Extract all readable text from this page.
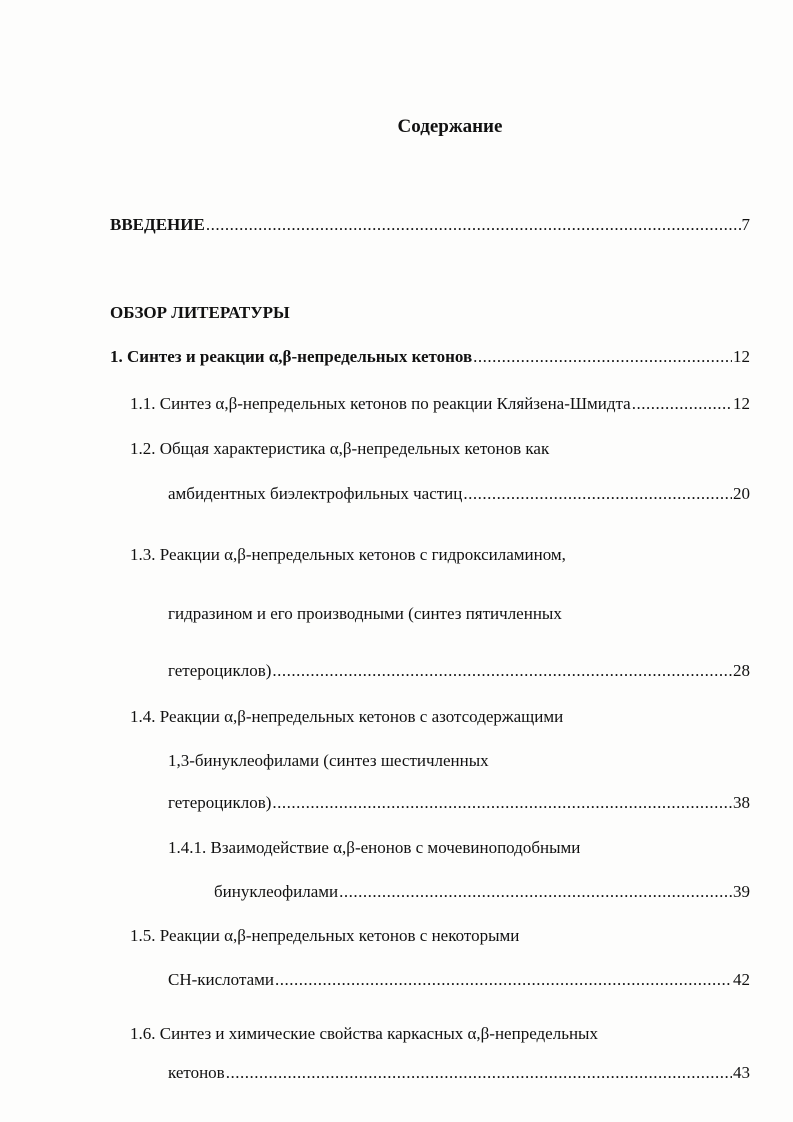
Содержание
ВВЕДЕНИЕ .....	7
ОБЗОР ЛИТЕРАТУРЫ
1. Синтез и реакции α,β-непредельных кетонов .....	12
1.1. Синтез α,β-непредельных кетонов по реакции Кляйзена-Шмидта .....	12
1.2. Общая характеристика α,β-непредельных кетонов как
амбидентных биэлектрофильных частиц .....	20
1.3. Реакции α,β-непредельных кетонов с гидроксиламином,
гидразином и его производными (синтез пятичленных
гетероциклов) .....	28
1.4. Реакции α,β-непредельных кетонов с азотсодержащими
1,3-бинуклеофилами (синтез шестичленных
гетероциклов) .....	38
1.4.1. Взаимодействие α,β-енонов с мочевиноподобными
бинуклеофилами .....	39
1.5. Реакции α,β-непредельных кетонов с некоторыми
CH-кислотами .....	42
1.6. Синтез и химические свойства каркасных α,β-непредельных
кетонов .....	43
